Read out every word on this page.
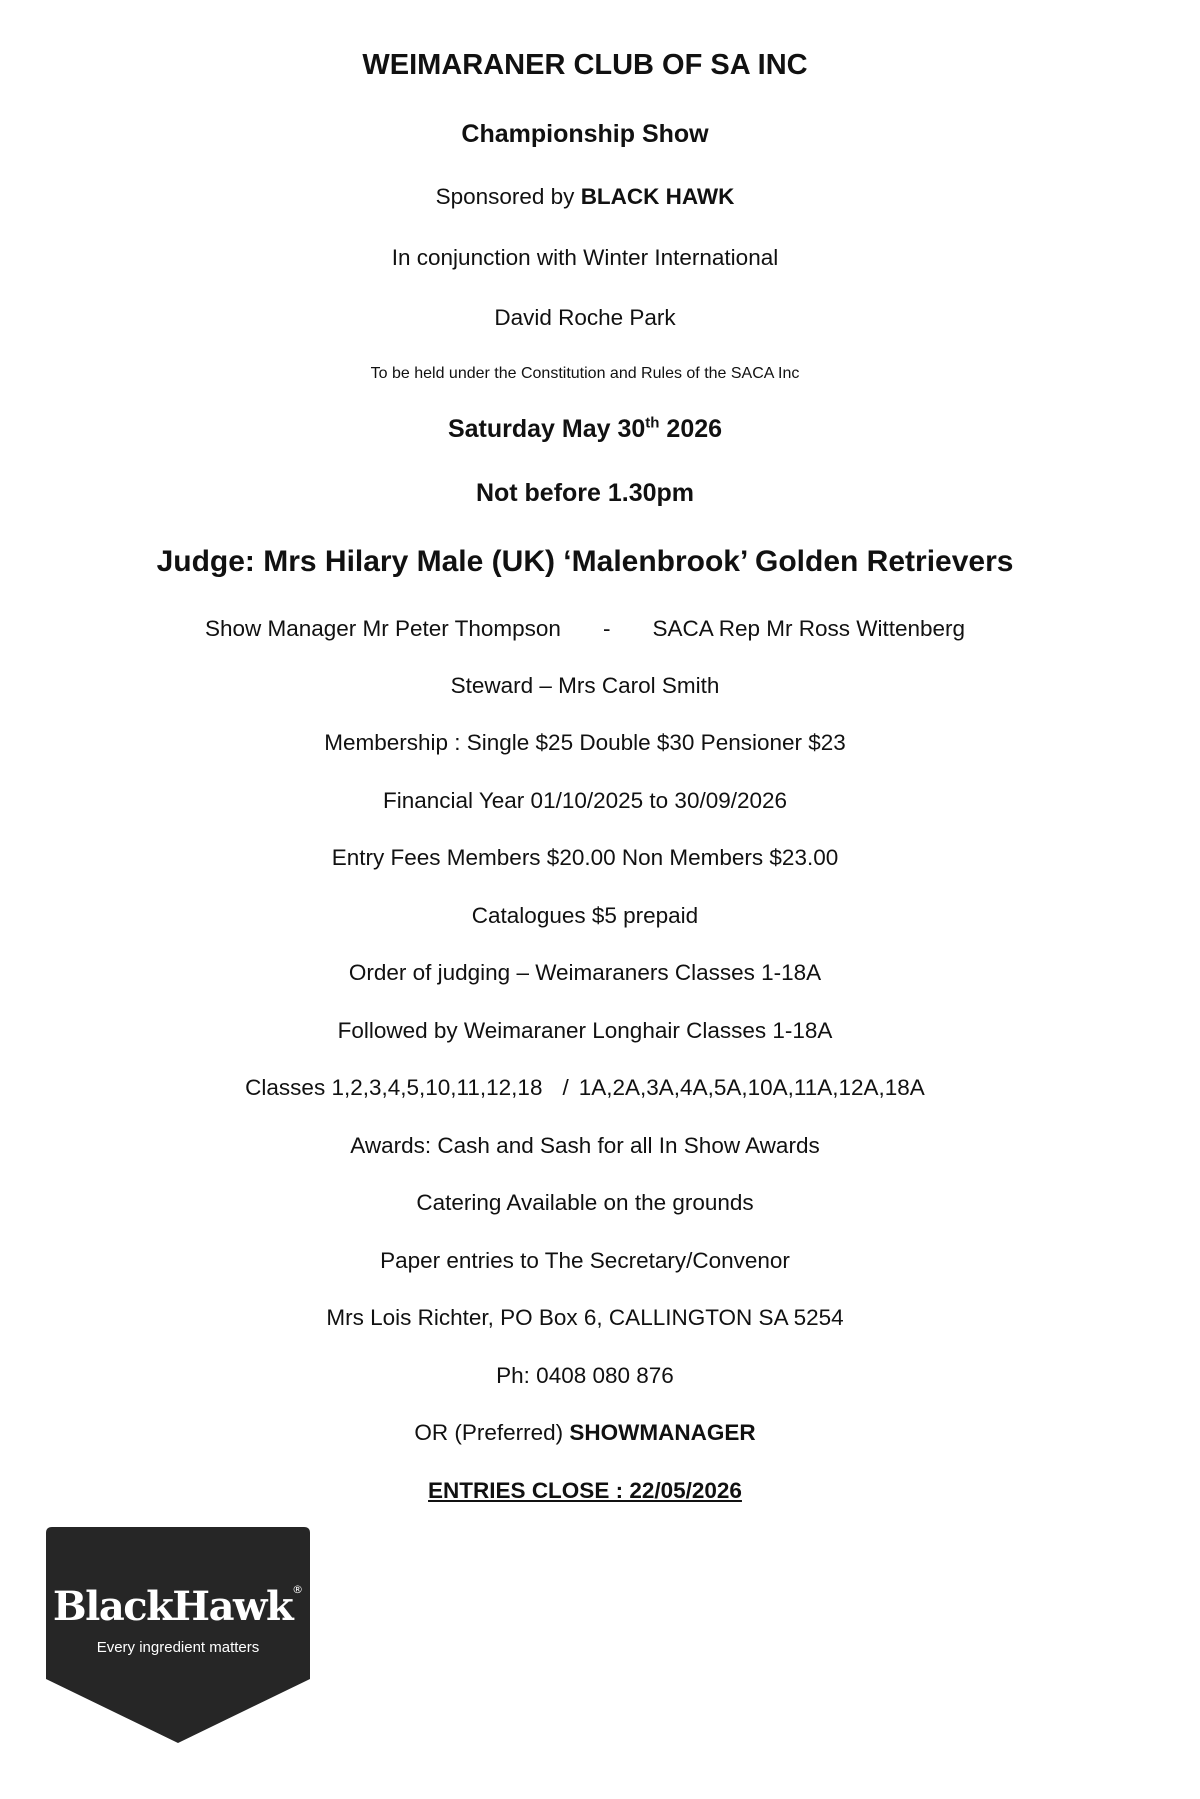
WEIMARANER CLUB OF SA INC
Championship Show
Sponsored by BLACK HAWK
In conjunction with Winter International
David Roche Park
To be held under the Constitution and Rules of the SACA Inc
Saturday May 30th 2026
Not before 1.30pm
Judge: Mrs Hilary Male (UK) ‘Malenbrook’ Golden Retrievers
Show Manager Mr Peter Thompson - SACA Rep Mr Ross Wittenberg
Steward – Mrs Carol Smith
Membership : Single $25 Double $30 Pensioner $23
Financial Year 01/10/2025 to 30/09/2026
Entry Fees Members $20.00 Non Members $23.00
Catalogues $5 prepaid
Order of judging – Weimaraners Classes 1-18A
Followed by Weimaraner Longhair Classes 1-18A
Classes 1,2,3,4,5,10,11,12,18 / 1A,2A,3A,4A,5A,10A,11A,12A,18A
Awards: Cash and Sash for all In Show Awards
Catering Available on the grounds
Paper entries to The Secretary/Convenor
Mrs Lois Richter, PO Box 6, CALLINGTON SA 5254
Ph: 0408 080 876
OR (Preferred) SHOWMANAGER
ENTRIES CLOSE : 22/05/2026
BlackHawk®
Every ingredient matters
